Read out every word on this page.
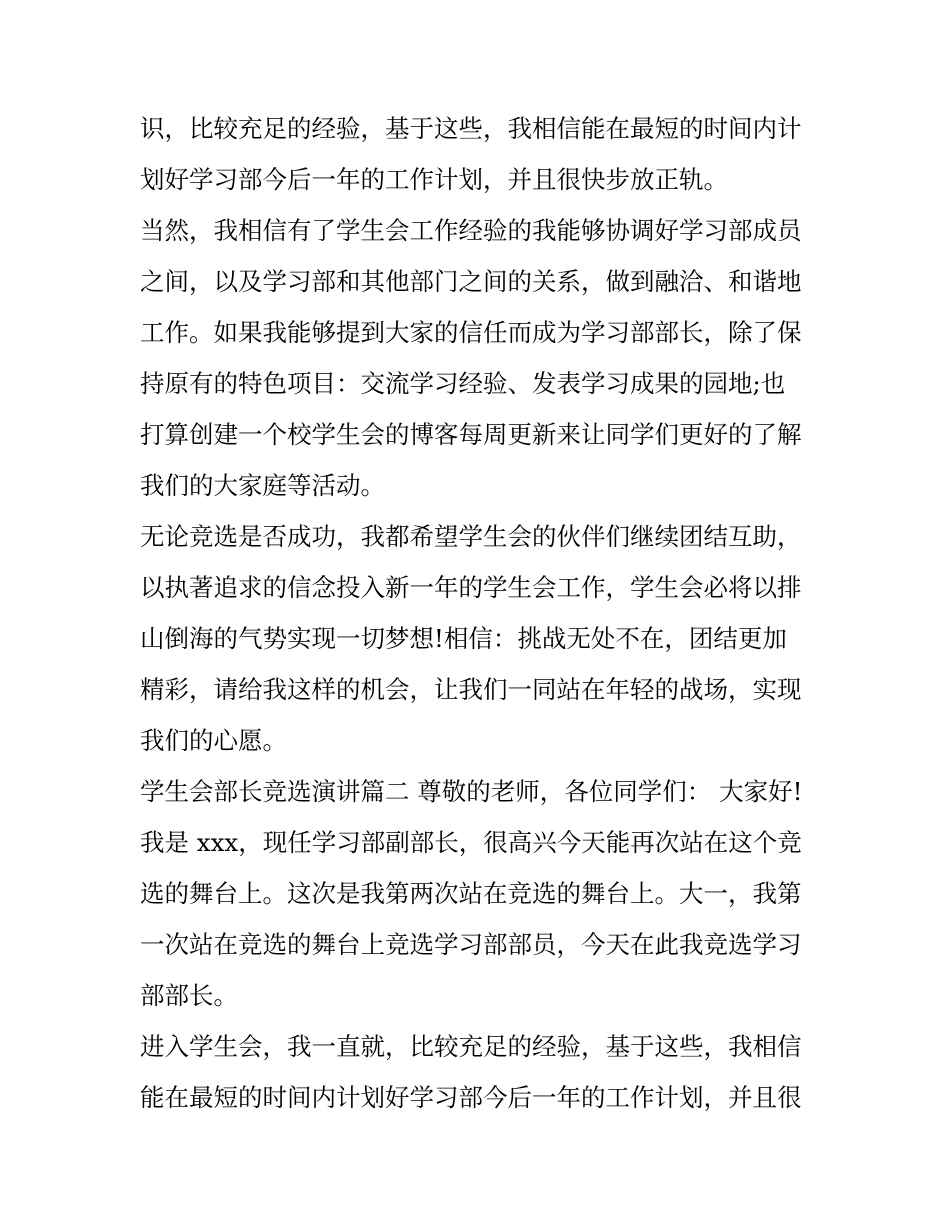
识，比较充足的经验，基于这些，我相信能在最短的时间内计
划好学习部今后一年的工作计划，并且很快步放正轨。
当然，我相信有了学生会工作经验的我能够协调好学习部成员
之间，以及学习部和其他部门之间的关系，做到融洽、和谐地
工作。如果我能够提到大家的信任而成为学习部部长，除了保
持原有的特色项目：交流学习经验、发表学习成果的园地;也
打算创建一个校学生会的博客每周更新来让同学们更好的了解
我们的大家庭等活动。
无论竞选是否成功，我都希望学生会的伙伴们继续团结互助，
以执著追求的信念投入新一年的学生会工作，学生会必将以排
山倒海的气势实现一切梦想!相信：挑战无处不在，团结更加
精彩，请给我这样的机会，让我们一同站在年轻的战场，实现
我们的心愿。
学生会部长竞选演讲篇二 尊敬的老师，各位同学们： 大家好!
我是 xxx，现任学习部副部长，很高兴今天能再次站在这个竞
选的舞台上。这次是我第两次站在竞选的舞台上。大一，我第
一次站在竞选的舞台上竞选学习部部员，今天在此我竞选学习
部部长。
进入学生会，我一直就，比较充足的经验，基于这些，我相信
能在最短的时间内计划好学习部今后一年的工作计划，并且很
